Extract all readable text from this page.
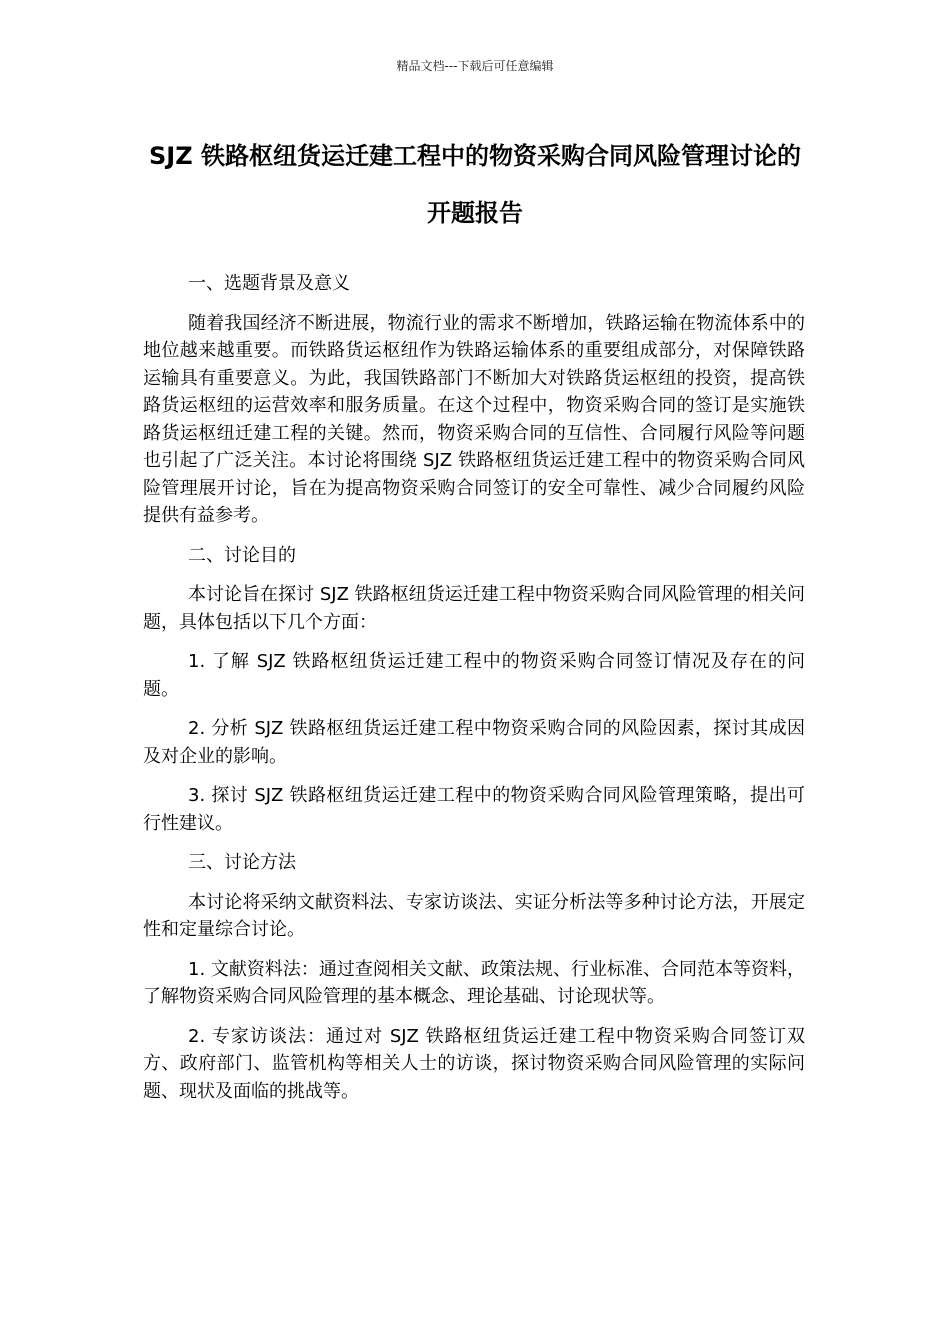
精品文档---下载后可任意编辑
SJZ 铁路枢纽货运迁建工程中的物资采购合同风险管理讨论的开题报告

一、选题背景及意义

随着我国经济不断进展，物流行业的需求不断增加，铁路运输在物流体系中的地位越来越重要。而铁路货运枢纽作为铁路运输体系的重要组成部分，对保障铁路运输具有重要意义。为此，我国铁路部门不断加大对铁路货运枢纽的投资，提高铁路货运枢纽的运营效率和服务质量。在这个过程中，物资采购合同的签订是实施铁路货运枢纽迁建工程的关键。然而，物资采购合同的互信性、合同履行风险等问题也引起了广泛关注。本讨论将围绕 SJZ 铁路枢纽货运迁建工程中的物资采购合同风险管理展开讨论，旨在为提高物资采购合同签订的安全可靠性、减少合同履约风险提供有益参考。

二、讨论目的

本讨论旨在探讨 SJZ 铁路枢纽货运迁建工程中物资采购合同风险管理的相关问题，具体包括以下几个方面：

1. 了解 SJZ 铁路枢纽货运迁建工程中的物资采购合同签订情况及存在的问题。

2. 分析 SJZ 铁路枢纽货运迁建工程中物资采购合同的风险因素，探讨其成因及对企业的影响。

3. 探讨 SJZ 铁路枢纽货运迁建工程中的物资采购合同风险管理策略，提出可行性建议。

三、讨论方法

本讨论将采纳文献资料法、专家访谈法、实证分析法等多种讨论方法，开展定性和定量综合讨论。

1. 文献资料法：通过查阅相关文献、政策法规、行业标准、合同范本等资料，了解物资采购合同风险管理的基本概念、理论基础、讨论现状等。

2. 专家访谈法：通过对 SJZ 铁路枢纽货运迁建工程中物资采购合同签订双方、政府部门、监管机构等相关人士的访谈，探讨物资采购合同风险管理的实际问题、现状及面临的挑战等。
